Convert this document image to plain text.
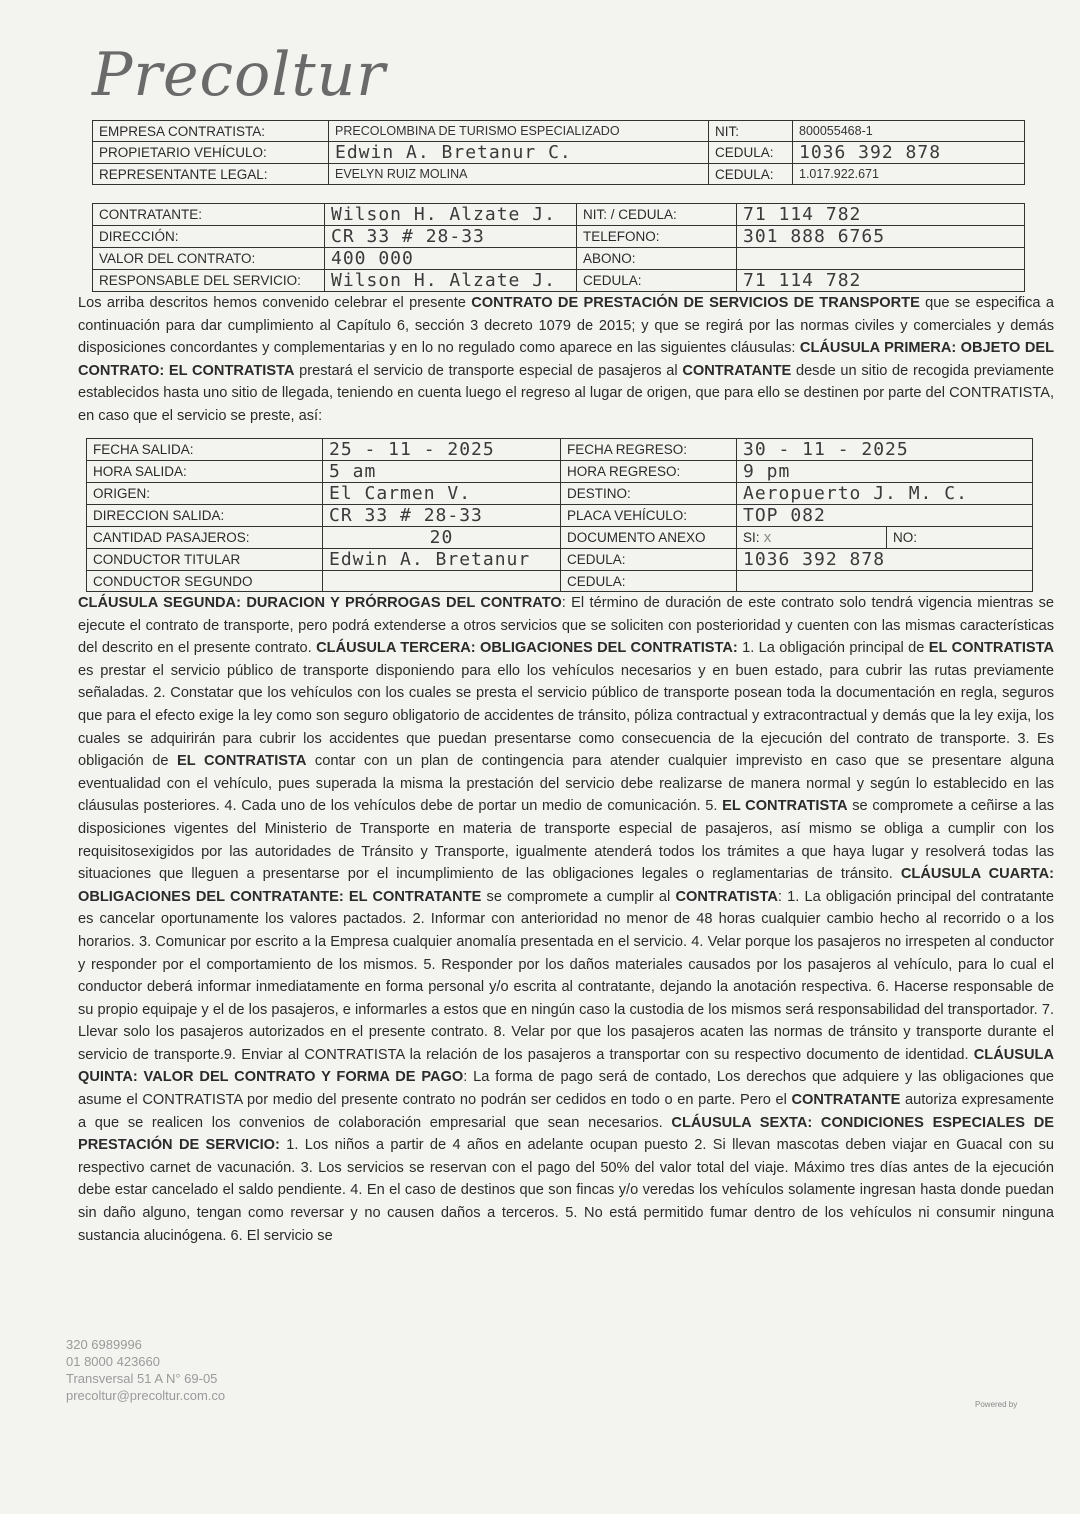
Precoltur
EMPRESA CONTRATISTA:	PRECOLOMBINA DE TURISMO ESPECIALIZADO	NIT:	800055468-1
PROPIETARIO VEHÍCULO:	Edwin A. Bretanur C.	CEDULA:	1036 392 878
REPRESENTANTE LEGAL:	EVELYN RUIZ MOLINA	CEDULA:	1.017.922.671
CONTRATANTE:	Wilson H. Alzate J.	NIT: / CEDULA:	71 114 782
DIRECCIÓN:	CR 33 # 28-33	TELEFONO:	301 888 6765
VALOR DEL CONTRATO:	400 000	ABONO:	
RESPONSABLE DEL SERVICIO:	Wilson H. Alzate J.	CEDULA:	71 114 782
Los arriba descritos hemos convenido celebrar el presente CONTRATO DE PRESTACIÓN DE SERVICIOS DE TRANSPORTE que se especifica a continuación para dar cumplimiento al Capítulo 6, sección 3 decreto 1079 de 2015; y que se regirá por las normas civiles y comerciales y demás disposiciones concordantes y complementarias y en lo no regulado como aparece en las siguientes cláusulas: CLÁUSULA PRIMERA: OBJETO DEL CONTRATO: EL CONTRATISTA prestará el servicio de transporte especial de pasajeros al CONTRATANTE desde un sitio de recogida previamente establecidos hasta uno sitio de llegada, teniendo en cuenta luego el regreso al lugar de origen, que para ello se destinen por parte del CONTRATISTA, en caso que el servicio se preste, así:
FECHA SALIDA:	25 - 11 - 2025	FECHA REGRESO:	30 - 11 - 2025	
HORA SALIDA:	5 am	HORA REGRESO:	9 pm	
ORIGEN:	El Carmen V.	DESTINO:	Aeropuerto J. M. C.	
DIRECCION SALIDA:	CR 33 # 28-33	PLACA VEHÍCULO:	TOP 082	
CANTIDAD PASAJEROS:	20	DOCUMENTO ANEXO	SI: x	NO:
CONDUCTOR TITULAR	Edwin A. Bretanur	CEDULA:	1036 392 878	
CONDUCTOR SEGUNDO		CEDULA:		
CLÁUSULA SEGUNDA: DURACION Y PRÓRROGAS DEL CONTRATO: El término de duración de este contrato solo tendrá vigencia mientras se ejecute el contrato de transporte, pero podrá extenderse a otros servicios que se soliciten con posterioridad y cuenten con las mismas características del descrito en el presente contrato. CLÁUSULA TERCERA: OBLIGACIONES DEL CONTRATISTA: 1. La obligación principal de EL CONTRATISTA es prestar el servicio público de transporte disponiendo para ello los vehículos necesarios y en buen estado, para cubrir las rutas previamente señaladas. 2. Constatar que los vehículos con los cuales se presta el servicio público de transporte posean toda la documentación en regla, seguros que para el efecto exige la ley como son seguro obligatorio de accidentes de tránsito, póliza contractual y extracontractual y demás que la ley exija, los cuales se adquirirán para cubrir los accidentes que puedan presentarse como consecuencia de la ejecución del contrato de transporte. 3. Es obligación de EL CONTRATISTA contar con un plan de contingencia para atender cualquier imprevisto en caso que se presentare alguna eventualidad con el vehículo, pues superada la misma la prestación del servicio debe realizarse de manera normal y según lo establecido en las cláusulas posteriores. 4. Cada uno de los vehículos debe de portar un medio de comunicación. 5. EL CONTRATISTA se compromete a ceñirse a las disposiciones vigentes del Ministerio de Transporte en materia de transporte especial de pasajeros, así mismo se obliga a cumplir con los requisitosexigidos por las autoridades de Tránsito y Transporte, igualmente atenderá todos los trámites a que haya lugar y resolverá todas las situaciones que lleguen a presentarse por el incumplimiento de las obligaciones legales o reglamentarias de tránsito. CLÁUSULA CUARTA: OBLIGACIONES DEL CONTRATANTE: EL CONTRATANTE se compromete a cumplir al CONTRATISTA: 1. La obligación principal del contratante es cancelar oportunamente los valores pactados. 2. Informar con anterioridad no menor de 48 horas cualquier cambio hecho al recorrido o a los horarios. 3. Comunicar por escrito a la Empresa cualquier anomalía presentada en el servicio. 4. Velar porque los pasajeros no irrespeten al conductor y responder por el comportamiento de los mismos. 5. Responder por los daños materiales causados por los pasajeros al vehículo, para lo cual el conductor deberá informar inmediatamente en forma personal y/o escrita al contratante, dejando la anotación respectiva. 6. Hacerse responsable de su propio equipaje y el de los pasajeros, e informarles a estos que en ningún caso la custodia de los mismos será responsabilidad del transportador. 7. Llevar solo los pasajeros autorizados en el presente contrato. 8. Velar por que los pasajeros acaten las normas de tránsito y transporte durante el servicio de transporte.9. Enviar al CONTRATISTA la relación de los pasajeros a transportar con su respectivo documento de identidad. CLÁUSULA QUINTA: VALOR DEL CONTRATO Y FORMA DE PAGO: La forma de pago será de contado, Los derechos que adquiere y las obligaciones que asume el CONTRATISTA por medio del presente contrato no podrán ser cedidos en todo o en parte. Pero el CONTRATANTE autoriza expresamente a que se realicen los convenios de colaboración empresarial que sean necesarios. CLÁUSULA SEXTA: CONDICIONES ESPECIALES DE PRESTACIÓN DE SERVICIO: 1. Los niños a partir de 4 años en adelante ocupan puesto 2. Si llevan mascotas deben viajar en Guacal con su respectivo carnet de vacunación. 3. Los servicios se reservan con el pago del 50% del valor total del viaje. Máximo tres días antes de la ejecución debe estar cancelado el saldo pendiente. 4. En el caso de destinos que son fincas y/o veredas los vehículos solamente ingresan hasta donde puedan sin daño alguno, tengan como reversar y no causen daños a terceros. 5. No está permitido fumar dentro de los vehículos ni consumir ninguna sustancia alucinógena. 6. El servicio se
320 6989996
01 8000 423660
Transversal 51 A N° 69-05
precoltur@precoltur.com.co
Powered by
